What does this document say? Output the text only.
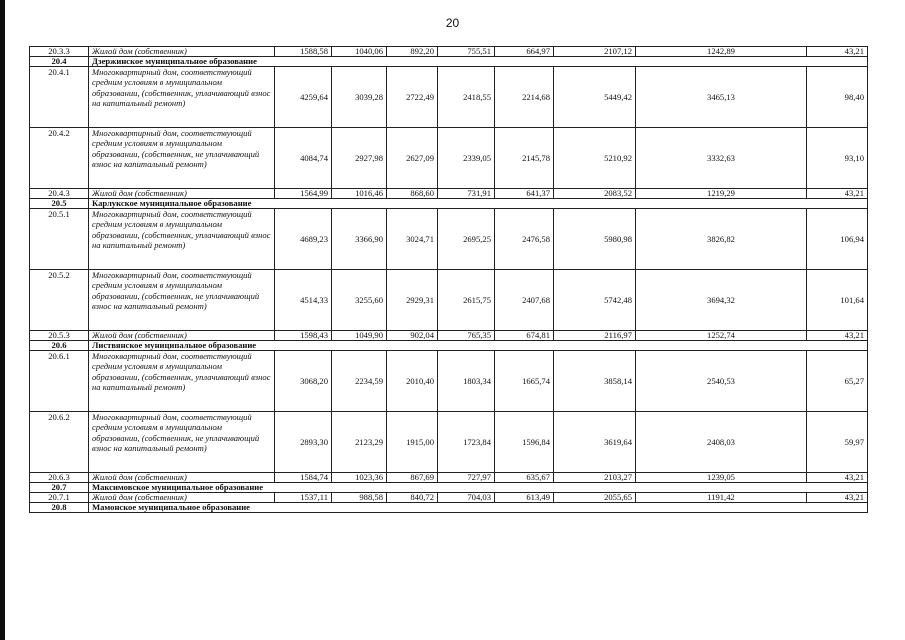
20
20.3.3	Жилой дом (собственник)	1588,58	1040,06	892,20	755,51	664,97	2107,12	1242,89	43,21
20.4	Дзержинское муниципальное образование								
20.4.1	Многоквартирный дом, соответствующий средним условиям в муниципальном образовании, (собственник, уплачивающий взнос на капитальный ремонт)	4259,64	3039,28	2722,49	2418,55	2214,68	5449,42	3465,13	98,40
20.4.2	Многоквартирный дом, соответствующий средним условиям в муниципальном образовании, (собственник, не уплачивающий взнос на капитальный ремонт)	4084,74	2927,98	2627,09	2339,05	2145,78	5210,92	3332,63	93,10
20.4.3	Жилой дом (собственник)	1564,99	1016,46	868,60	731,91	641,37	2083,52	1219,29	43,21
20.5	Карлукское муниципальное образование								
20.5.1	Многоквартирный дом, соответствующий средним условиям в муниципальном образовании, (собственник, уплачивающий взнос на капитальный ремонт)	4689,23	3366,90	3024,71	2695,25	2476,58	5980,98	3826,82	106,94
20.5.2	Многоквартирный дом, соответствующий средним условиям в муниципальном образовании, (собственник, не уплачивающий взнос на капитальный ремонт)	4514,33	3255,60	2929,31	2615,75	2407,68	5742,48	3694,32	101,64
20.5.3	Жилой дом (собственник)	1598,43	1049,90	902,04	765,35	674,81	2116,97	1252,74	43,21
20.6	Листвянское муниципальное образование								
20.6.1	Многоквартирный дом, соответствующий средним условиям в муниципальном образовании, (собственник, уплачивающий взнос на капитальный ремонт)	3068,20	2234,59	2010,40	1803,34	1665,74	3858,14	2540,53	65,27
20.6.2	Многоквартирный дом, соответствующий средним условиям в муниципальном образовании, (собственник, не уплачивающий взнос на капитальный ремонт)	2893,30	2123,29	1915,00	1723,84	1596,84	3619,64	2408,03	59,97
20.6.3	Жилой дом (собственник)	1584,74	1023,36	867,69	727,97	635,67	2103,27	1239,05	43,21
20.7	Максимовское муниципальное образование								
20.7.1	Жилой дом (собственник)	1537,11	988,58	840,72	704,03	613,49	2055,65	1191,42	43,21
20.8	Мамонское муниципальное образование								
